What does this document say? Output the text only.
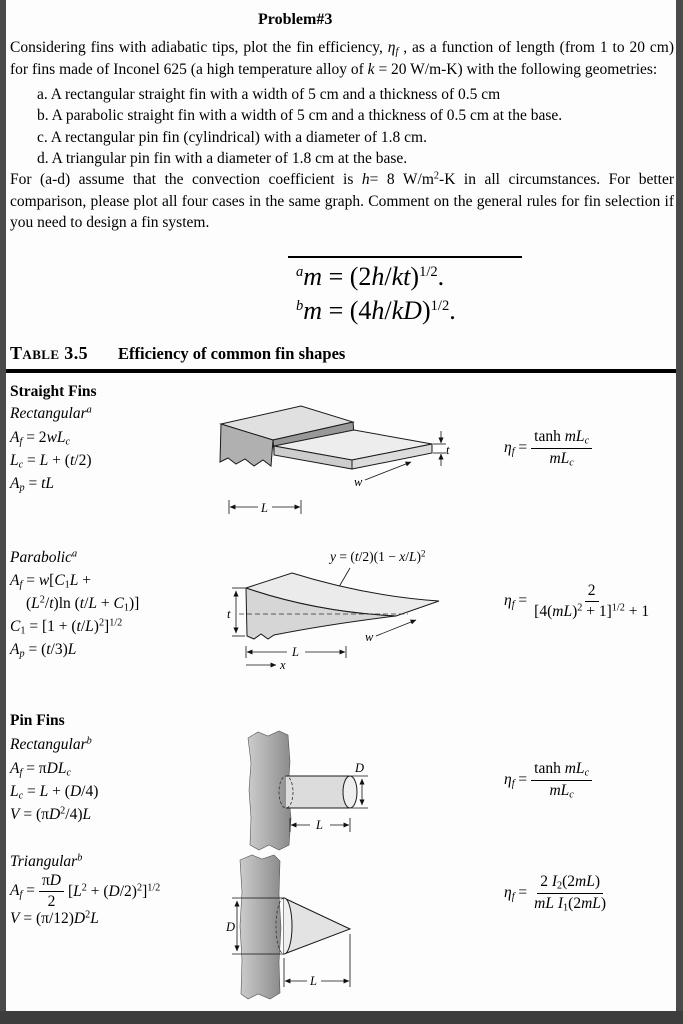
Problem#3

Considering fins with adiabatic tips, plot the fin efficiency, ηf , as a function of length (from 1 to 20 cm) for fins made of Inconel 625 (a high temperature alloy of k = 20 W/m-K) with the following geometries:

a. A rectangular straight fin with a width of 5 cm and a thickness of 0.5 cm
b. A parabolic straight fin with a width of 5 cm and a thickness of 0.5 cm at the base.
c. A rectangular pin fin (cylindrical) with a diameter of 1.8 cm.
d. A triangular pin fin with a diameter of 1.8 cm at the base.

For (a-d) assume that the convection coefficient is h= 8 $W/m^2-K$ in all circumstances. For better comparison, please plot all four cases in the same graph. Comment on the general rules for fin selection if you need to design a fin system.

$^am = (2h/kt)^{1/2}$.
$^bm = (4h/kD)^{1/2}$.
Table 3.5 Efficiency of common fin shapes
Straight Fins
Rectangular$^a$
Af = 2wLc
Lc = L + (t/2)
Ap = tL
t
w
L
$\eta f = \frac{\text{tanh mLc}}{\text{mLc}}$
Parabolic$^a$
Af = w[C1L +
$(L^2/t)\ln$ (t/L + C1)]
$C1 = [1 + (t/L)^2]^{1/2}$
Ap = (t/3)L
t
L
x
w
$y = (t/2)(1 - x/L)^2$
$\eta f = \frac{2}{[4(mL)^2 + 1]^{1/2} + 1}$
Pin Fins
Rectangular$^b$
Af = πDLc
Lc = L + (D/4)
$V = (\pi D^2/4)L$
D
L
$\eta f = \frac{\text{tanh mLc}}{\text{mLc}}$
Triangular$^b$
$Af = \frac{\pi D}{2} [L^2 + (D/2)^2]^{1/2}$
$V = (\pi/12)D^2L$	D
L
$\eta f = \frac{2 I2(2mL)}{\text{mL I1(2mL)}}$
